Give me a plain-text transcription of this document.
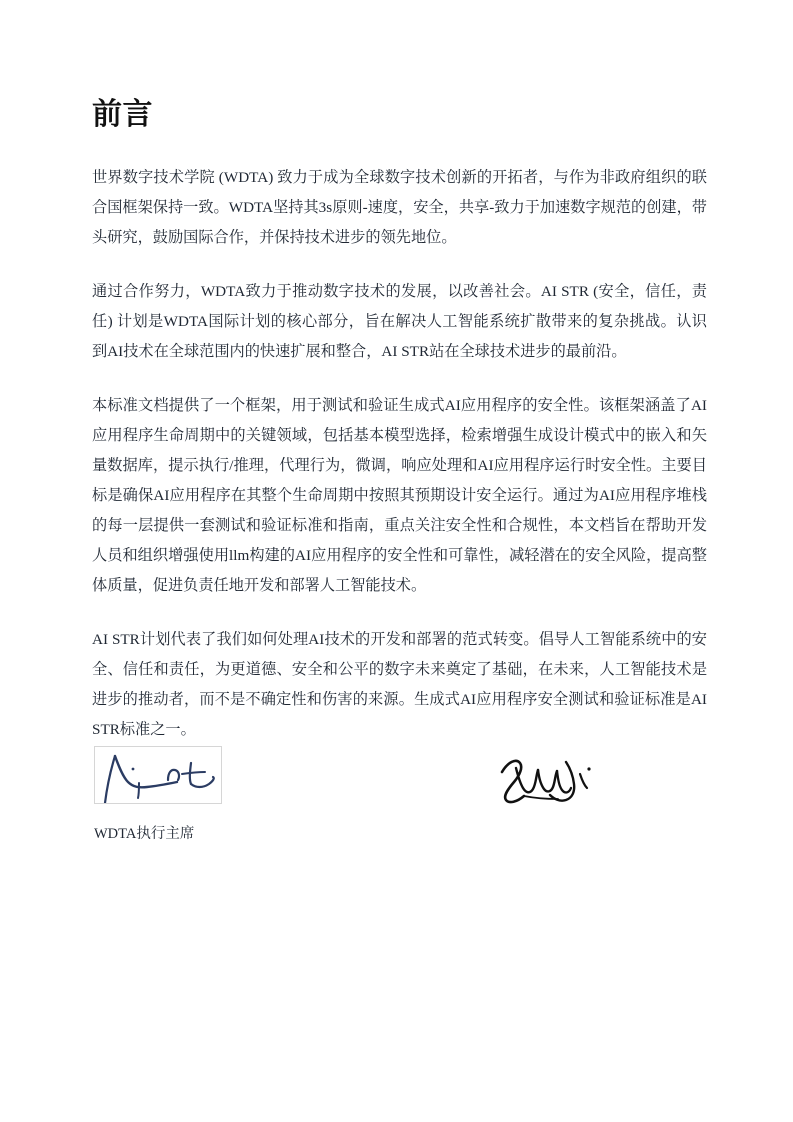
前言

世界数字技术学院 (WDTA) 致力于成为全球数字技术创新的开拓者，与作为非政府组织的联合国框架保持一致。WDTA坚持其3s原则-速度，安全，共享-致力于加速数字规范的创建，带头研究，鼓励国际合作，并保持技术进步的领先地位。

通过合作努力，WDTA致力于推动数字技术的发展，以改善社会。AI STR (安全，信任，责任) 计划是WDTA国际计划的核心部分，旨在解决人工智能系统扩散带来的复杂挑战。认识到AI技术在全球范围内的快速扩展和整合，AI STR站在全球技术进步的最前沿。

本标准文档提供了一个框架，用于测试和验证生成式AI应用程序的安全性。该框架涵盖了AI应用程序生命周期中的关键领域，包括基本模型选择，检索增强生成设计模式中的嵌入和矢量数据库，提示执行/推理，代理行为，微调，响应处理和AI应用程序运行时安全性。主要目标是确保AI应用程序在其整个生命周期中按照其预期设计安全运行。通过为AI应用程序堆栈的每一层提供一套测试和验证标准和指南，重点关注安全性和合规性，本文档旨在帮助开发人员和组织增强使用llm构建的AI应用程序的安全性和可靠性，减轻潜在的安全风险，提高整体质量，促进负责任地开发和部署人工智能技术。

AI STR计划代表了我们如何处理AI技术的开发和部署的范式转变。倡导人工智能系统中的安全、信任和责任，为更道德、安全和公平的数字未来奠定了基础，在未来，人工智能技术是进步的推动者，而不是不确定性和伤害的来源。生成式AI应用程序安全测试和验证标准是AI STR标准之一。

WDTA执行主席
